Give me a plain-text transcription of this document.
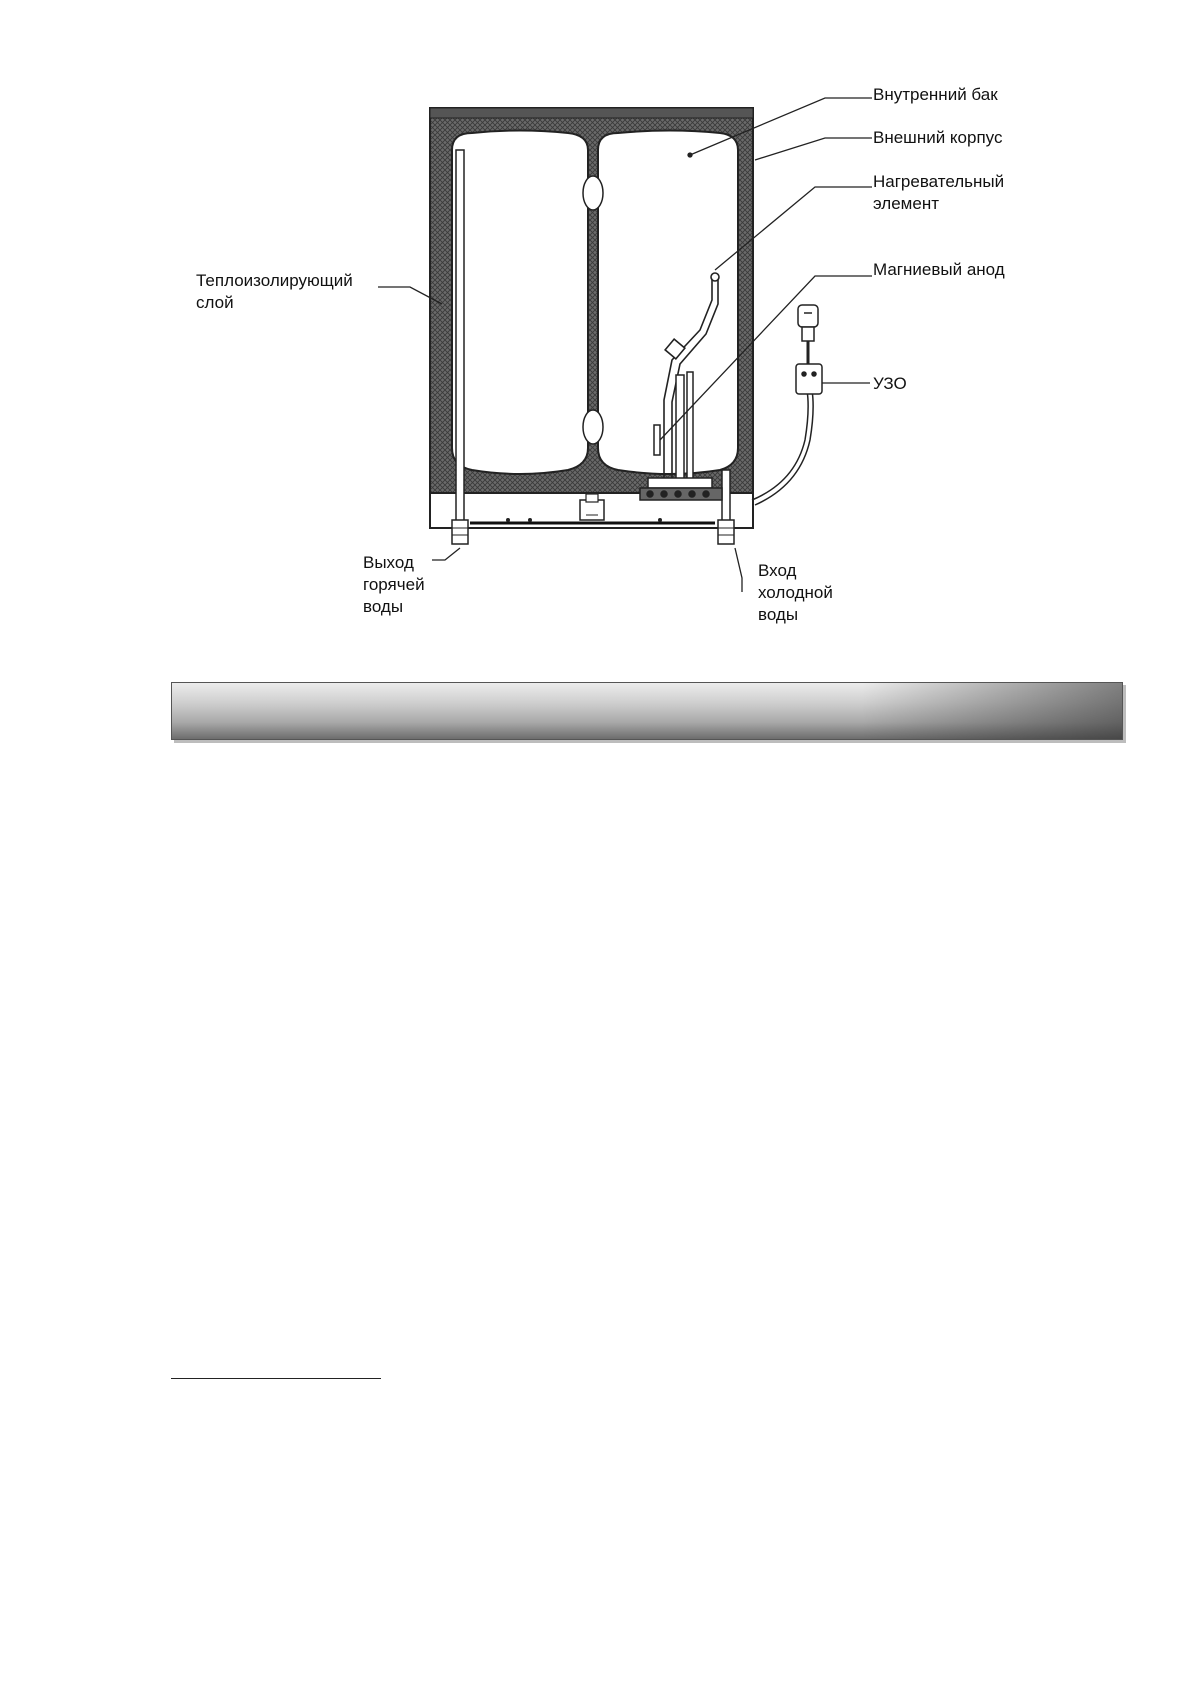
Внутренний бак
Внешний корпус
Нагревательный
элемент
Магниевый анод
Теплоизолирующий
слой
УЗО
Выход
горячей
воды
Вход
холодной
воды
